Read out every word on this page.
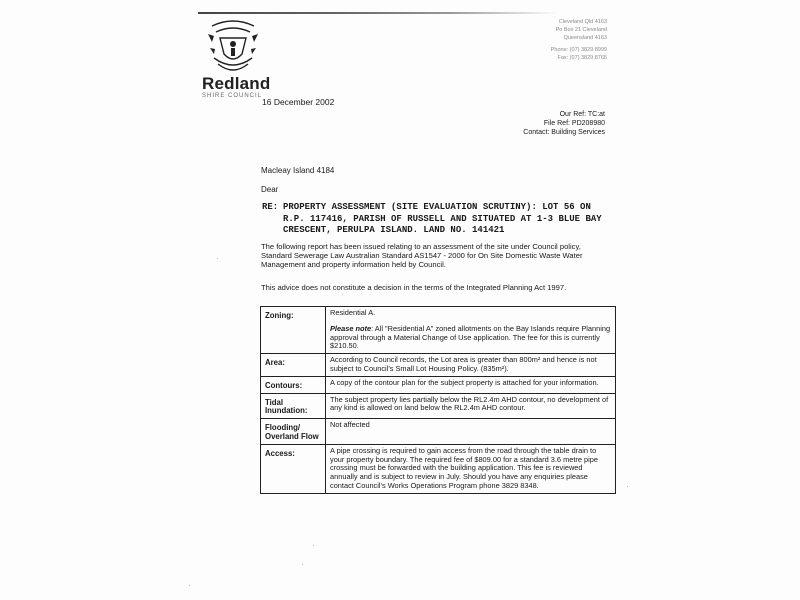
Redland
SHIRE COUNCIL
Cleveland Qld 4163
Po Box 21 Cleveland
Queensland 4163
Phone: (07) 3829 8999
Fax: (07) 3829 8765
16 December 2002
Our Ref: TC:at
File Ref: PD208980
Contact: Building Services
Macleay Island 4184
Dear
RE: PROPERTY ASSESSMENT (SITE EVALUATION SCRUTINY): LOT 56 ON R.P. 117416, PARISH OF RUSSELL AND SITUATED AT 1-3 BLUE BAY CRESCENT, PERULPA ISLAND. LAND NO. 141421
The following report has been issued relating to an assessment of the site under Council policy, Standard Sewerage Law Australian Standard AS1547 - 2000 for On Site Domestic Waste Water Management and property information held by Council.
This advice does not constitute a decision in the terms of the Integrated Planning Act 1997.
Zoning:	Residential A.

Please note: All "Residential A" zoned allotments on the Bay Islands require Planning approval through a Material Change of Use application. The fee for this is currently $210.50.

Area:	According to Council records, the Lot area is greater than 800m² and hence is not subject to Council's Small Lot Housing Policy. (835m²).
Contours:	A copy of the contour plan for the subject property is attached for your information.
Tidal Inundation:	The subject property lies partially below the RL2.4m AHD contour, no development of any kind is allowed on land below the RL2.4m AHD contour.
Flooding/ Overland Flow	Not affected
Access:	A pipe crossing is required to gain access from the road through the table drain to your property boundary. The required fee of $809.00 for a standard 3.6 metre pipe crossing must be forwarded with the building application. This fee is reviewed annually and is subject to review in July. Should you have any enquiries please contact Council's Works Operations Program phone 3829 8348.
